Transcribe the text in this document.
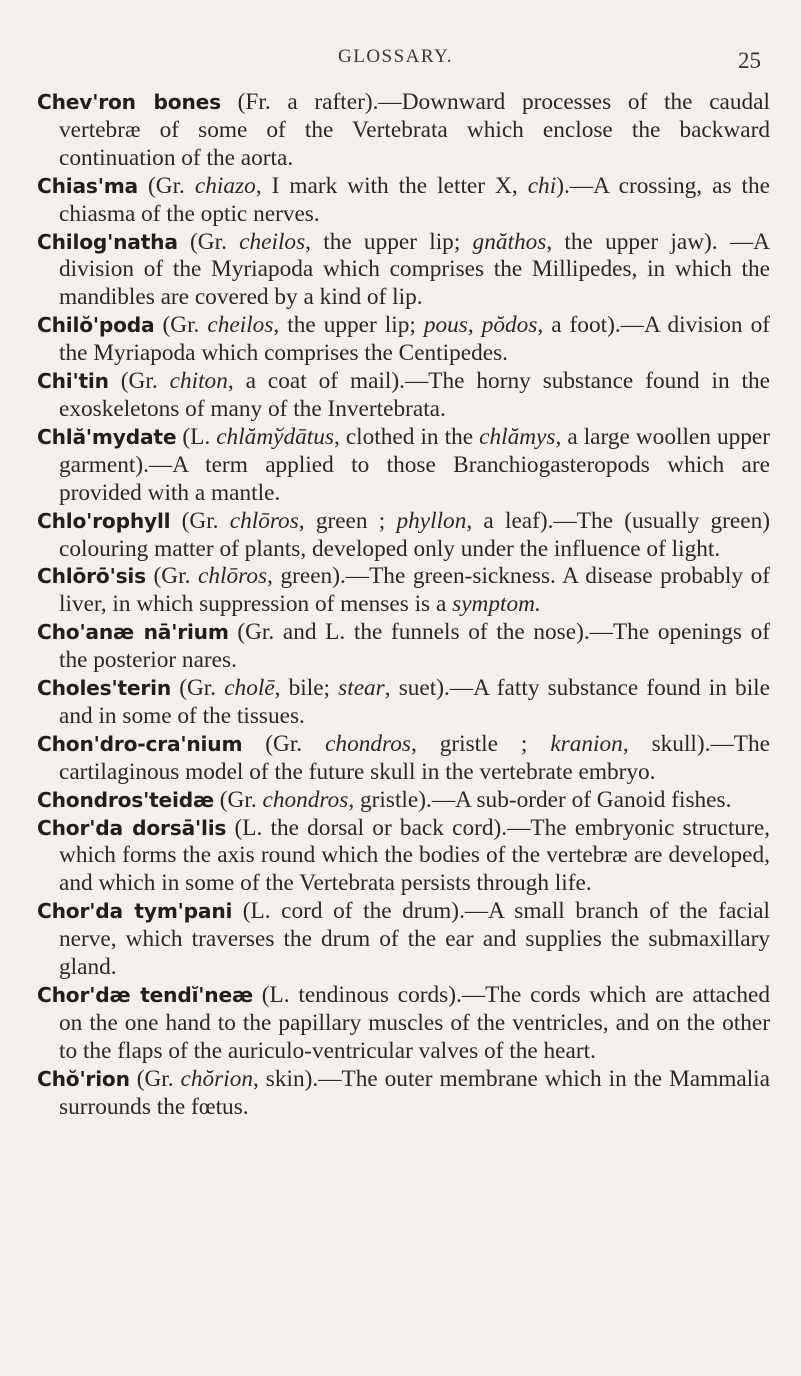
GLOSSARY.	25

Chev'ron bones (Fr. a rafter).—Downward processes of the caudal vertebræ of some of the Vertebrata which enclose the backward continuation of the aorta.

Chias'ma (Gr. chiazo, I mark with the letter X, chi).—A crossing, as the chiasma of the optic nerves.

Chilog'natha (Gr. cheilos, the upper lip; gnăthos, the upper jaw). —A division of the Myriapoda which comprises the Millipedes, in which the mandibles are covered by a kind of lip.

Chilŏ'poda (Gr. cheilos, the upper lip; pous, pŏdos, a foot).—A division of the Myriapoda which comprises the Centipedes.

Chi'tin (Gr. chiton, a coat of mail).—The horny substance found in the exoskeletons of many of the Invertebrata.

Chlă'mydate (L. chlămўdātus, clothed in the chlămys, a large woollen upper garment).—A term applied to those Branchiogasteropods which are provided with a mantle.

Chlo'rophyll (Gr. chlōros, green ; phyllon, a leaf).—The (usually green) colouring matter of plants, developed only under the influence of light.

Chlōrō'sis (Gr. chlōros, green).—The green-sickness. A disease probably of liver, in which suppression of menses is a symptom.

Cho'anæ nā'rium (Gr. and L. the funnels of the nose).—The openings of the posterior nares.

Choles'terin (Gr. cholē, bile; stear, suet).—A fatty substance found in bile and in some of the tissues.

Chon'dro-cra'nium (Gr. chondros, gristle ; kranion, skull).—The cartilaginous model of the future skull in the vertebrate embryo.

Chondros'teidæ (Gr. chondros, gristle).—A sub-order of Ganoid fishes.

Chor'da dorsā'lis (L. the dorsal or back cord).—The embryonic structure, which forms the axis round which the bodies of the vertebræ are developed, and which in some of the Vertebrata persists through life.

Chor'da tym'pani (L. cord of the drum).—A small branch of the facial nerve, which traverses the drum of the ear and supplies the submaxillary gland.

Chor'dæ tendĭ'neæ (L. tendinous cords).—The cords which are attached on the one hand to the papillary muscles of the ventricles, and on the other to the flaps of the auriculo-ventricular valves of the heart.

Chŏ'rion (Gr. chŏrion, skin).—The outer membrane which in the Mammalia surrounds the fœtus.
